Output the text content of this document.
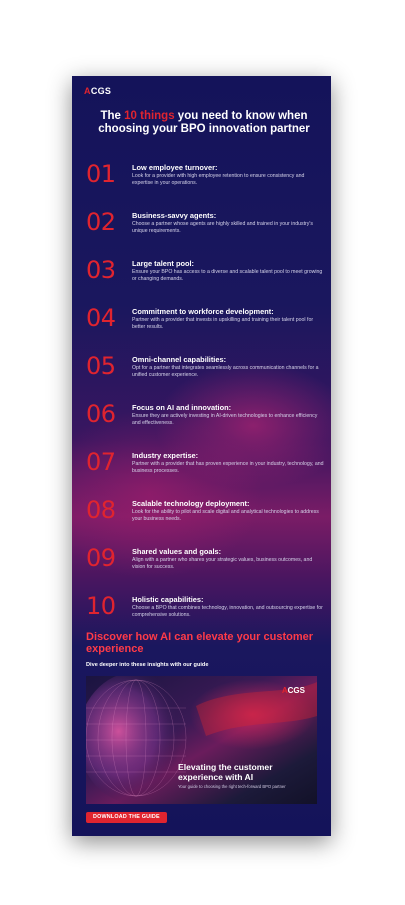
ACGS
The 10 things you need to know when choosing your BPO innovation partner
01	Low employee turnover:
Look for a provider with high employee retention to ensure consistency and expertise in your operations.
02	Business-savvy agents:
Choose a partner whose agents are highly skilled and trained in your industry's unique requirements.
03	Large talent pool:
Ensure your BPO has access to a diverse and scalable talent pool to meet growing or changing demands.
04	Commitment to workforce development:
Partner with a provider that invests in upskilling and training their talent pool for better results.
05	Omni-channel capabilities:
Opt for a partner that integrates seamlessly across communication channels for a unified customer experience.
06	Focus on AI and innovation:
Ensure they are actively investing in AI-driven technologies to enhance efficiency and effectiveness.
07	Industry expertise:
Partner with a provider that has proven experience in your industry, technology, and business processes.
08	Scalable technology deployment:
Look for the ability to pilot and scale digital and analytical technologies to address your business needs.
09	Shared values and goals:
Align with a partner who shares your strategic values, business outcomes, and vision for success.
10	Holistic capabilities:
Choose a BPO that combines technology, innovation, and outsourcing expertise for comprehensive solutions.
Discover how AI can elevate your customer experience
Dive deeper into these insights with our guide
ACGS
Elevating the customer experience with AI
Your guide to choosing the right tech-forward BPO partner
DOWNLOAD THE GUIDE
